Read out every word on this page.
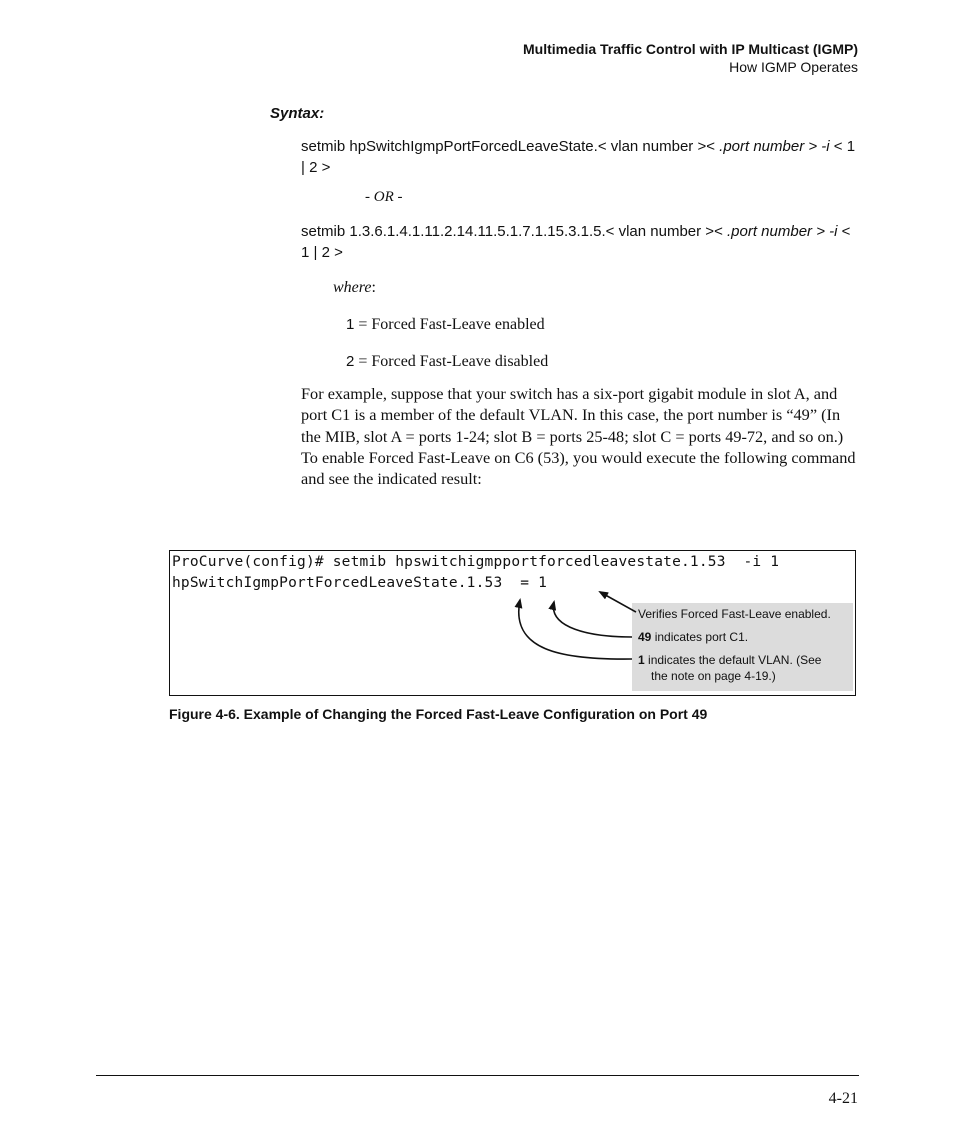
Multimedia Traffic Control with IP Multicast (IGMP)
How IGMP Operates
Syntax:
setmib hpSwitchIgmpPortForcedLeaveState.< vlan number >< .port number > -i < 1 | 2 >
- OR -
setmib 1.3.6.1.4.1.11.2.14.11.5.1.7.1.15.3.1.5.< vlan number >< .port number > -i < 1 | 2 >
where:
1 = Forced Fast-Leave enabled
2 = Forced Fast-Leave disabled
For example, suppose that your switch has a six-port gigabit module in slot A, and port C1 is a member of the default VLAN. In this case, the port number is “49” (In the MIB, slot A = ports 1-24; slot B = ports 25-48; slot C = ports 49-72, and so on.) To enable Forced Fast-Leave on C6 (53), you would execute the following command and see the indicated result:
ProCurve(config)# setmib hpswitchigmpportforcedleavestate.1.53  -i 1
hpSwitchIgmpPortForcedLeaveState.1.53  = 1
Verifies Forced Fast-Leave enabled.
49 indicates port C1.
1 indicates the default VLAN. (See
the note on page 4-19.)
Figure 4-6. Example of Changing the Forced Fast-Leave Configuration on Port 49
4-21
